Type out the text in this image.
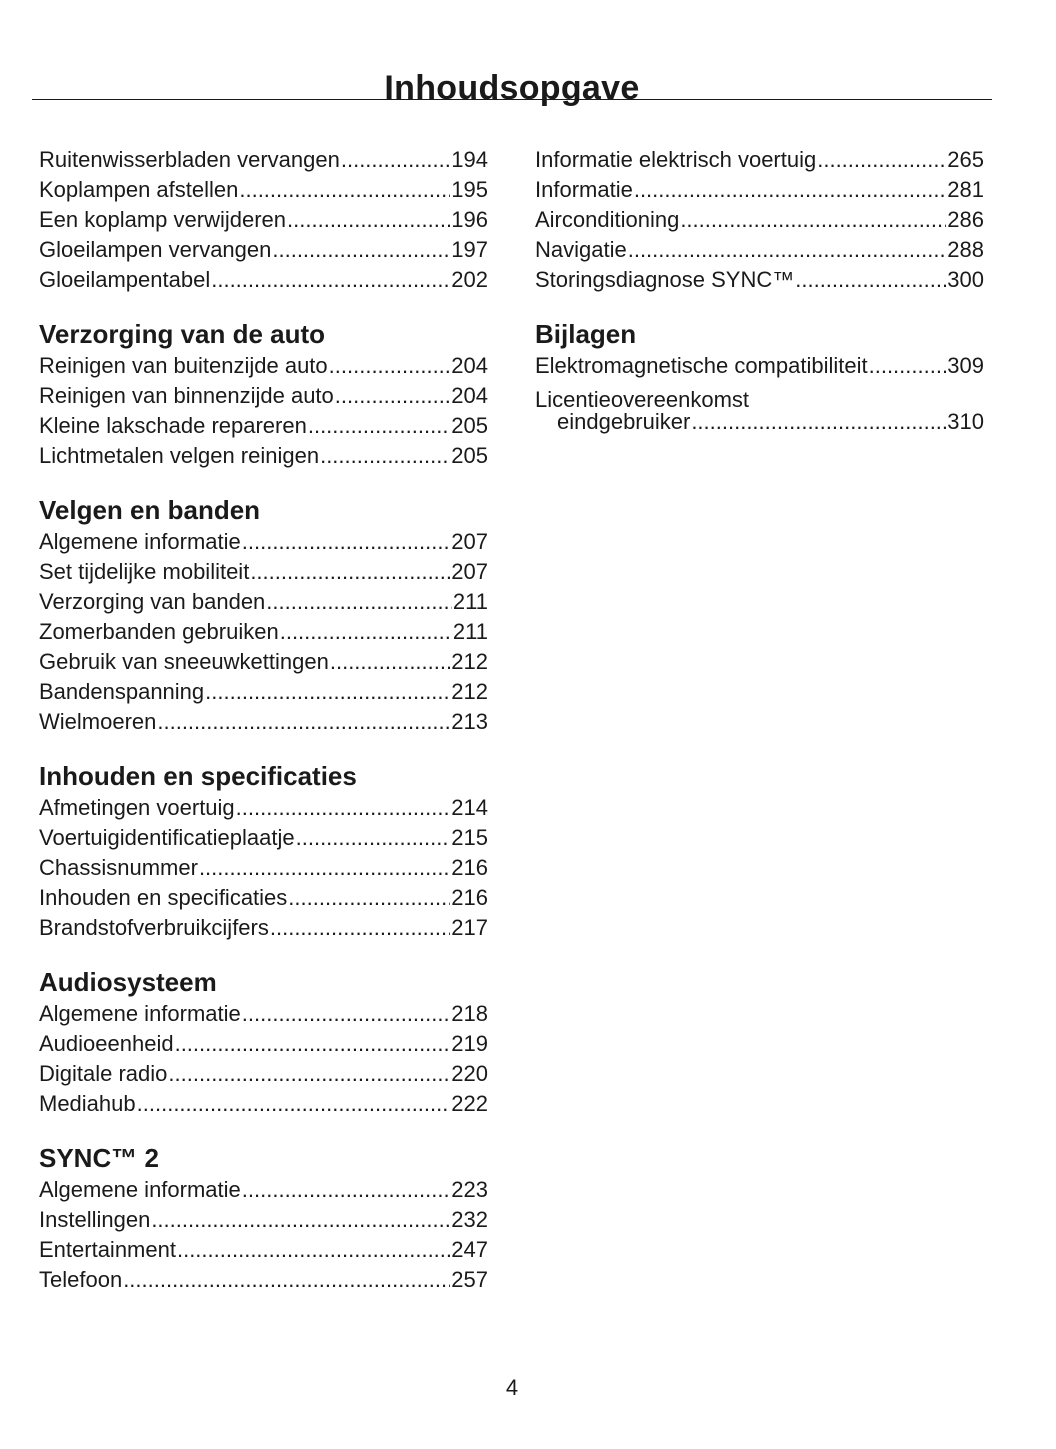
Inhoudsopgave
Ruitenwisserbladen vervangen .....	194
Koplampen afstellen .....	195
Een koplamp verwijderen .....	196
Gloeilampen vervangen .....	197
Gloeilampentabel .....	202
Verzorging van de auto
Reinigen van buitenzijde auto .....	204
Reinigen van binnenzijde auto .....	204
Kleine lakschade repareren .....	205
Lichtmetalen velgen reinigen .....	205
Velgen en banden
Algemene informatie .....	207
Set tijdelijke mobiliteit .....	207
Verzorging van banden .....	211
Zomerbanden gebruiken .....	211
Gebruik van sneeuwkettingen .....	212
Bandenspanning .....	212
Wielmoeren .....	213
Inhouden en specificaties
Afmetingen voertuig .....	214
Voertuigidentificatieplaatje .....	215
Chassisnummer .....	216
Inhouden en specificaties .....	216
Brandstofverbruikcijfers .....	217
Audiosysteem
Algemene informatie .....	218
Audioeenheid .....	219
Digitale radio .....	220
Mediahub .....	222
SYNC™ 2
Algemene informatie .....	223
Instellingen .....	232
Entertainment .....	247
Telefoon .....	257
Informatie elektrisch voertuig .....	265
Informatie .....	281
Airconditioning .....	286
Navigatie .....	288
Storingsdiagnose SYNC™ .....	300
Bijlagen
Elektromagnetische compatibiliteit .....	309
Licentieovereenkomst
eindgebruiker .....	310
4
